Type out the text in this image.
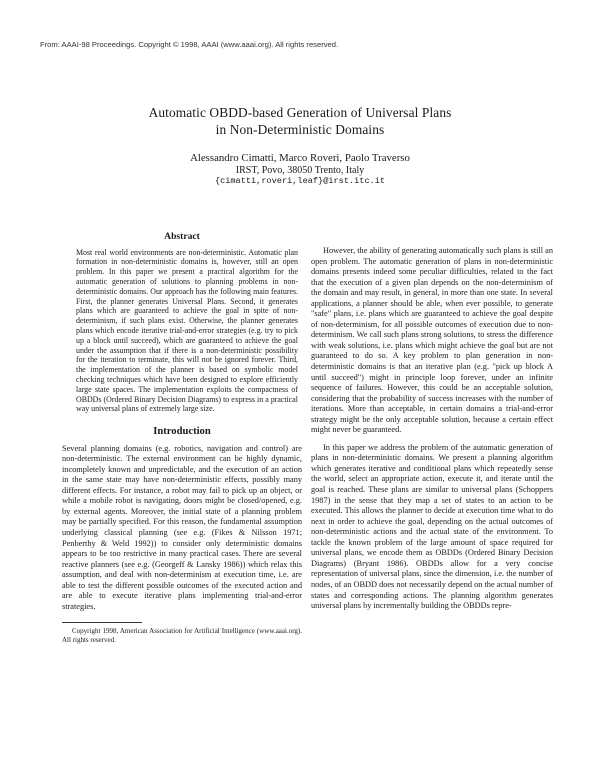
From: AAAI-98 Proceedings. Copyright © 1998, AAAI (www.aaai.org). All rights reserved.
Automatic OBDD-based Generation of Universal Plans
in Non-Deterministic Domains
Alessandro Cimatti, Marco Roveri, Paolo Traverso
IRST, Povo, 38050 Trento, Italy
{cimatti,roveri,leaf}@irst.itc.it
Abstract

Most real world environments are non-deterministic. Automatic plan formation in non-deterministic domains is, however, still an open problem. In this paper we present a practical algorithm for the automatic generation of solutions to planning problems in non-deterministic domains. Our approach has the following main features. First, the planner generates Universal Plans. Second, it generates plans which are guaranteed to achieve the goal in spite of non-determinism, if such plans exist. Otherwise, the planner generates plans which encode iterative trial-and-error strategies (e.g. try to pick up a block until succeed), which are guaranteed to achieve the goal under the assumption that if there is a non-deterministic possibility for the iteration to terminate, this will not be ignored forever. Third, the implementation of the planner is based on symbolic model checking techniques which have been designed to explore efficiently large state spaces. The implementation exploits the compactness of OBDDs (Ordered Binary Decision Diagrams) to express in a practical way universal plans of extremely large size.

Introduction

Several planning domains (e.g. robotics, navigation and control) are non-deterministic. The external environment can be highly dynamic, incompletely known and unpredictable, and the execution of an action in the same state may have non-deterministic effects, possibly many different effects. For instance, a robot may fail to pick up an object, or while a mobile robot is navigating, doors might be closed/opened, e.g. by external agents. Moreover, the initial state of a planning problem may be partially specified. For this reason, the fundamental assumption underlying classical planning (see e.g. (Fikes & Nilsson 1971; Penberthy & Weld 1992)) to consider only deterministic domains appears to be too restrictive in many practical cases. There are several reactive planners (see e.g. (Georgeff & Lansky 1986)) which relax this assumption, and deal with non-determinism at execution time, i.e. are able to test the different possible outcomes of the executed action and are able to execute iterative plans implementing trial-and-error strategies.

Copyright 1998, American Association for Artificial Intelligence (www.aaai.org). All rights reserved.

However, the ability of generating automatically such plans is still an open problem. The automatic generation of plans in non-deterministic domains presents indeed some peculiar difficulties, related to the fact that the execution of a given plan depends on the non-determinism of the domain and may result, in general, in more than one state. In several applications, a planner should be able, when ever possible, to generate "safe" plans, i.e. plans which are guaranteed to achieve the goal despite of non-determinism, for all possible outcomes of execution due to non-determinism. We call such plans strong solutions, to stress the difference with weak solutions, i.e. plans which might achieve the goal but are not guaranteed to do so. A key problem to plan generation in non-deterministic domains is that an iterative plan (e.g. "pick up block A until succeed") might in principle loop forever, under an infinite sequence of failures. However, this could be an acceptable solution, considering that the probability of success increases with the number of iterations. More than acceptable, in certain domains a trial-and-error strategy might be the only acceptable solution, because a certain effect might never be guaranteed.

In this paper we address the problem of the automatic generation of plans in non-deterministic domains. We present a planning algorithm which generates iterative and conditional plans which repeatedly sense the world, select an appropriate action, execute it, and iterate until the goal is reached. These plans are similar to universal plans (Schoppers 1987) in the sense that they map a set of states to an action to be executed. This allows the planner to decide at execution time what to do next in order to achieve the goal, depending on the actual outcomes of non-deterministic actions and the actual state of the environment. To tackle the known problem of the large amount of space required for universal plans, we encode them as OBDDs (Ordered Binary Decision Diagrams) (Bryant 1986). OBDDs allow for a very concise representation of universal plans, since the dimension, i.e. the number of nodes, of an OBDD does not necessarily depend on the actual number of states and corresponding actions. The planning algorithm generates universal plans by incrementally building the OBDDs repre-
